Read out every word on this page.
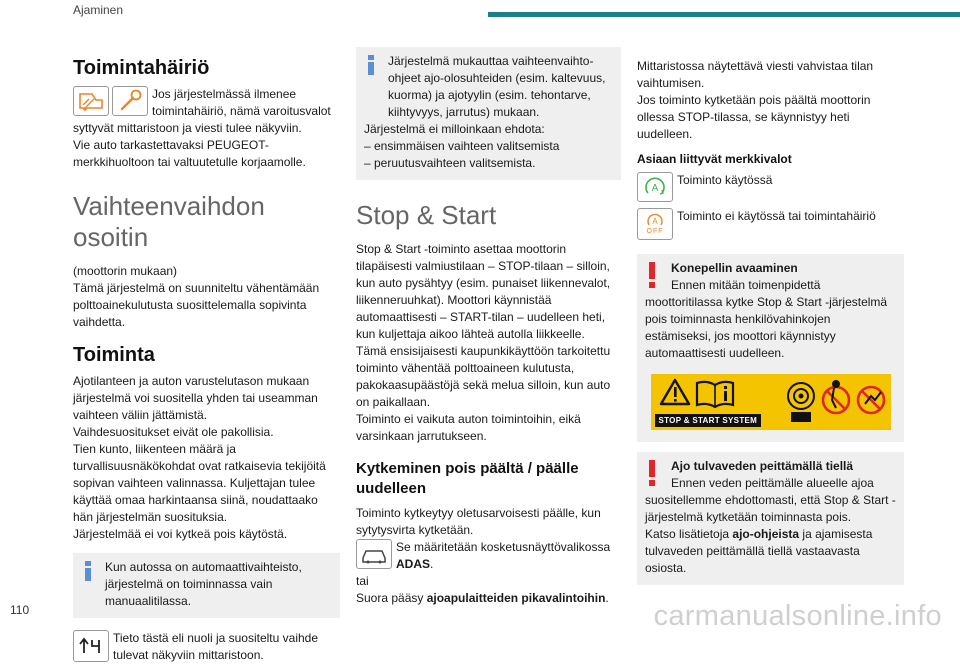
Ajaminen
Toimintahäiriö

Jos järjestelmässä ilmenee toimintahäiriö, nämä varoitusvalot syttyvät mittaristoon ja viesti tulee näkyviin.

Vie auto tarkastettavaksi PEUGEOT-merkkihuoltoon tai valtuutetulle korjaamolle.

Vaihteenvaihdon osoitin

(moottorin mukaan)

Tämä järjestelmä on suunniteltu vähentämään polttoainekulutusta suosittelemalla sopivinta vaihdetta.

Toiminta

Ajotilanteen ja auton varustelutason mukaan järjestelmä voi suositella yhden tai useamman vaihteen väliin jättämistä.

Vaihdesuositukset eivät ole pakollisia.

Tien kunto, liikenteen määrä ja turvallisuusnäkökohdat ovat ratkaisevia tekijöitä sopivan vaihteen valinnassa. Kuljettajan tulee käyttää omaa harkintaansa siinä, noudattaako hän järjestelmän suosituksia.

Järjestelmää ei voi kytkeä pois käytöstä.

Kun autossa on automaattivaihteisto, järjestelmä on toiminnassa vain manuaalitilassa.

Tieto tästä eli nuoli ja suositeltu vaihde tulevat näkyviin mittaristoon.

Järjestelmä mukauttaa vaihteenvaihto-ohjeet ajo-olosuhteiden (esim. kaltevuus, kuorma) ja ajotyylin (esim. tehontarve, kiihtyvyys, jarrutus) mukaan.

Järjestelmä ei milloinkaan ehdota:

– ensimmäisen vaihteen valitsemista

– peruutusvaihteen valitsemista.

Stop & Start

Stop & Start -toiminto asettaa moottorin tilapäisesti valmiustilaan – STOP-tilaan – silloin, kun auto pysähtyy (esim. punaiset liikennevalot, liikenneruuhkat). Moottori käynnistää automaattisesti – START-tilan – uudelleen heti, kun kuljettaja aikoo lähteä autolla liikkeelle.

Tämä ensisijaisesti kaupunkikäyttöön tarkoitettu toiminto vähentää polttoaineen kulutusta, pakokaasupäästöjä sekä melua silloin, kun auto on paikallaan.

Toiminto ei vaikuta auton toimintoihin, eikä varsinkaan jarrutukseen.

Kytkeminen pois päältä / päälle uudelleen

Toiminto kytkeytyy oletusarvoisesti päälle, kun sytytysvirta kytketään.

Se määritetään kosketusnäyttövalikossa ADAS.

tai

Suora pääsy ajoapulaitteiden pikavalintoihin.

Mittaristossa näytettävä viesti vahvistaa tilan vaihtumisen.

Jos toiminto kytketään pois päältä moottorin ollessa STOP-tilassa, se käynnistyy heti uudelleen.

Asiaan liittyvät merkkivalot
A

Toiminto käytössä

A
OFF

Toiminto ei käytössä tai toimintahäiriö

Konepellin avaaminen

Ennen mitään toimenpidettä moottoritilassa kytke Stop & Start -järjestelmä pois toiminnasta henkilövahinkojen estämiseksi, jos moottori käynnistyy automaattisesti uudelleen.

STOP & START SYSTEM

Ajo tulvaveden peittämällä tiellä

Ennen veden peittämälle alueelle ajoa suositellemme ehdottomasti, että Stop & Start -järjestelmä kytketään toiminnasta pois.

Katso lisätietoja ajo-ohjeista ja ajamisesta tulvaveden peittämällä tiellä vastaavasta osiosta.

110	carmanualsonline.info
